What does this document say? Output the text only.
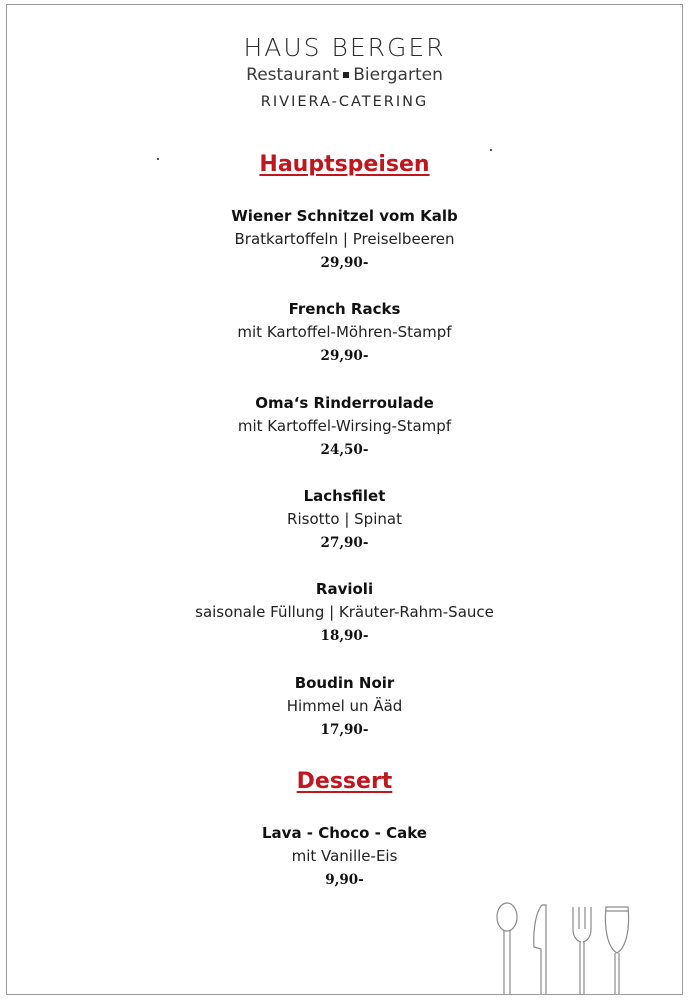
HAUS BERGER
Restaurant Biergarten
RIVIERA-CATERING
Hauptspeisen
Wiener Schnitzel vom Kalb
Bratkartoffeln | Preiselbeeren
29,90-
French Racks
mit Kartoffel-Möhren-Stampf
29,90-
Oma‘s Rinderroulade
mit Kartoffel-Wirsing-Stampf
24,50-
Lachsfilet
Risotto | Spinat
27,90-
Ravioli
saisonale Füllung | Kräuter-Rahm-Sauce
18,90-
Boudin Noir
Himmel un Ääd
17,90-
Dessert
Lava - Choco - Cake
mit Vanille-Eis
9,90-
